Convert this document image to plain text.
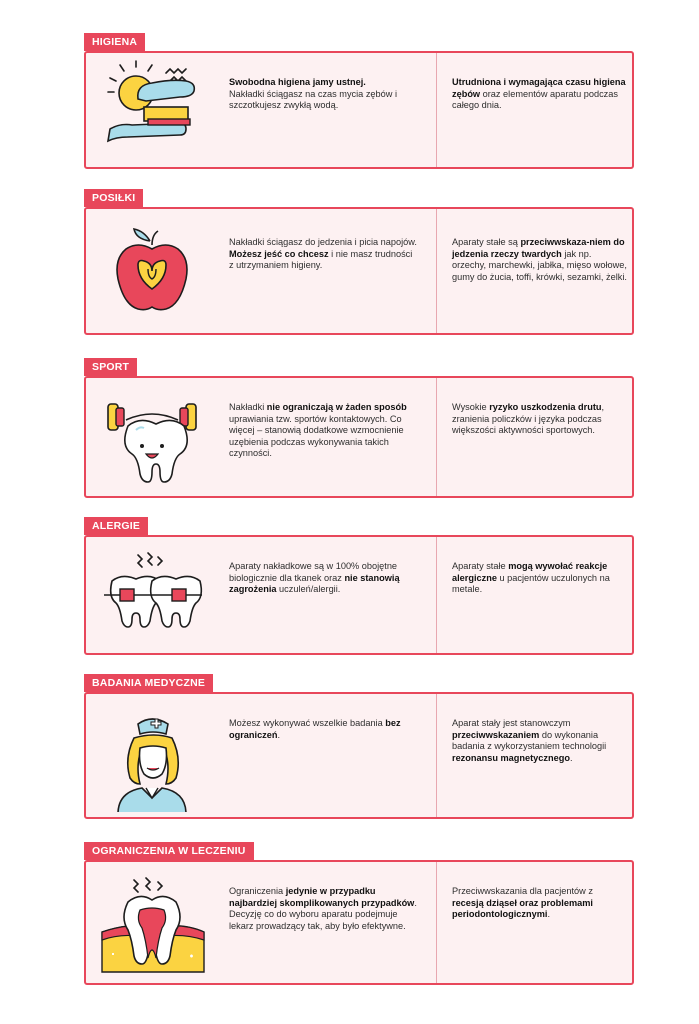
HIGIENA
Swobodna higiena jamy ustnej.
Nakładki ściągasz na czas mycia zębów i szczotkujesz zwykłą wodą.
Utrudniona i wymagająca czasu higiena zębów oraz elementów aparatu podczas całego dnia.
POSIŁKI
Nakładki ściągasz do jedzenia i picia napojów. Możesz jeść co chcesz i nie masz trudności z utrzymaniem higieny.
Aparaty stałe są przeciwwskaza-niem do jedzenia rzeczy twardych jak np. orzechy, marchewki, jabłka, mięso wołowe, gumy do żucia, toffi, krówki, sezamki, żelki.
SPORT
Nakładki nie ograniczają w żaden sposób uprawiania tzw. sportów kontaktowych. Co więcej – stanowią dodatkowe wzmocnienie uzębienia podczas wykonywania takich czynności.
Wysokie ryzyko uszkodzenia drutu, zranienia policzków i języka podczas większości aktywności sportowych.
ALERGIE
Aparaty nakładkowe są w 100% obojętne biologicznie dla tkanek oraz nie stanowią zagrożenia uczuleń/alergii.
Aparaty stałe mogą wywołać reakcje alergiczne u pacjentów uczulonych na metale.
BADANIA MEDYCZNE
Możesz wykonywać wszelkie badania bez ograniczeń.
Aparat stały jest stanowczym przeciwwskazaniem do wykonania badania z wykorzystaniem technologii rezonansu magnetycznego.
OGRANICZENIA W LECZENIU
Ograniczenia jedynie w przypadku najbardziej skomplikowanych przypadków. Decyzję co do wyboru aparatu podejmuje lekarz prowadzący tak, aby było efektywne.
Przeciwwskazania dla pacjentów z recesją dziąseł oraz problemami periodontologicznymi.
